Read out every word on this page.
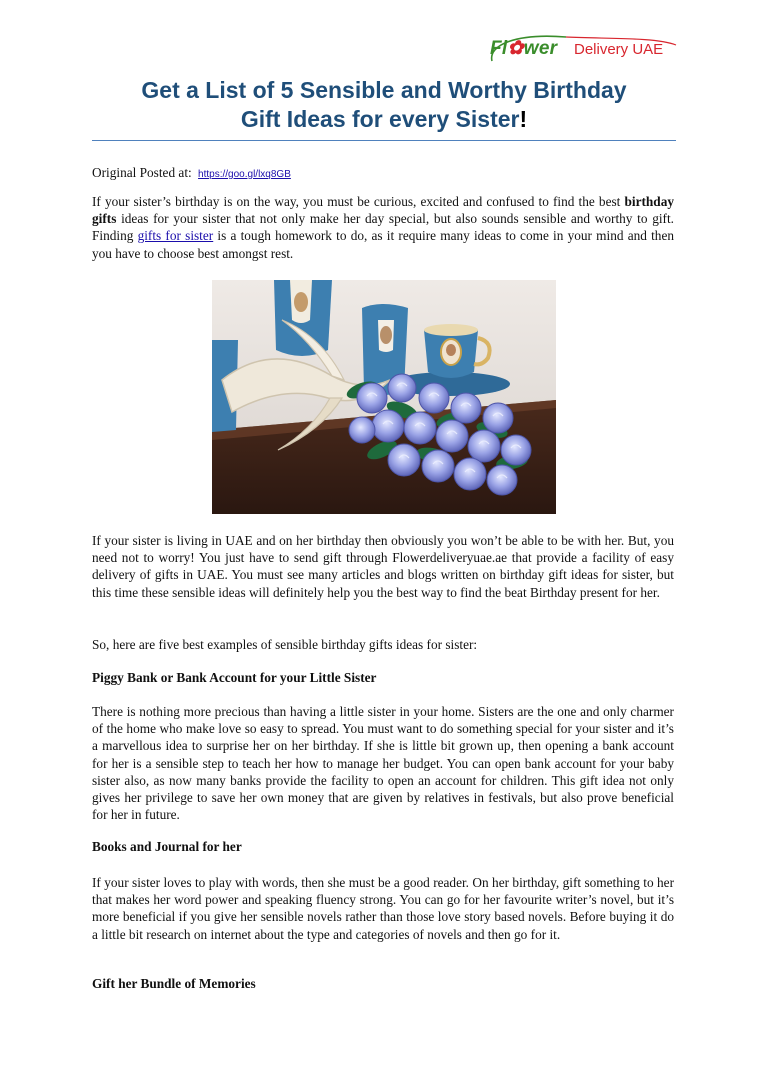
Fl✿wer Delivery UAE
Get a List of 5 Sensible and Worthy Birthday
Gift Ideas for every Sister!
Original Posted at: https://goo.gl/lxq8GB

If your sister’s birthday is on the way, you must be curious, excited and confused to find the best birthday gifts ideas for your sister that not only make her day special, but also sounds sensible and worthy to gift. Finding gifts for sister is a tough homework to do, as it require many ideas to come in your mind and then you have to choose best amongst rest.

If your sister is living in UAE and on her birthday then obviously you won’t be able to be with her. But, you need not to worry! You just have to send gift through Flowerdeliveryuae.ae that provide a facility of easy delivery of gifts in UAE. You must see many articles and blogs written on birthday gift ideas for sister, but this time these sensible ideas will definitely help you the best way to find the beat Birthday present for her.

So, here are five best examples of sensible birthday gifts ideas for sister:

Piggy Bank or Bank Account for your Little Sister

There is nothing more precious than having a little sister in your home. Sisters are the one and only charmer of the home who make love so easy to spread. You must want to do something special for your sister and it’s a marvellous idea to surprise her on her birthday. If she is little bit grown up, then opening a bank account for her is a sensible step to teach her how to manage her budget. You can open bank account for your baby sister also, as now many banks provide the facility to open an account for children. This gift idea not only gives her privilege to save her own money that are given by relatives in festivals, but also prove beneficial for her in future.

Books and Journal for her

If your sister loves to play with words, then she must be a good reader. On her birthday, gift something to her that makes her word power and speaking fluency strong. You can go for her favourite writer’s novel, but it’s more beneficial if you give her sensible novels rather than those love story based novels. Before buying it do a little bit research on internet about the type and categories of novels and then go for it.

Gift her Bundle of Memories
